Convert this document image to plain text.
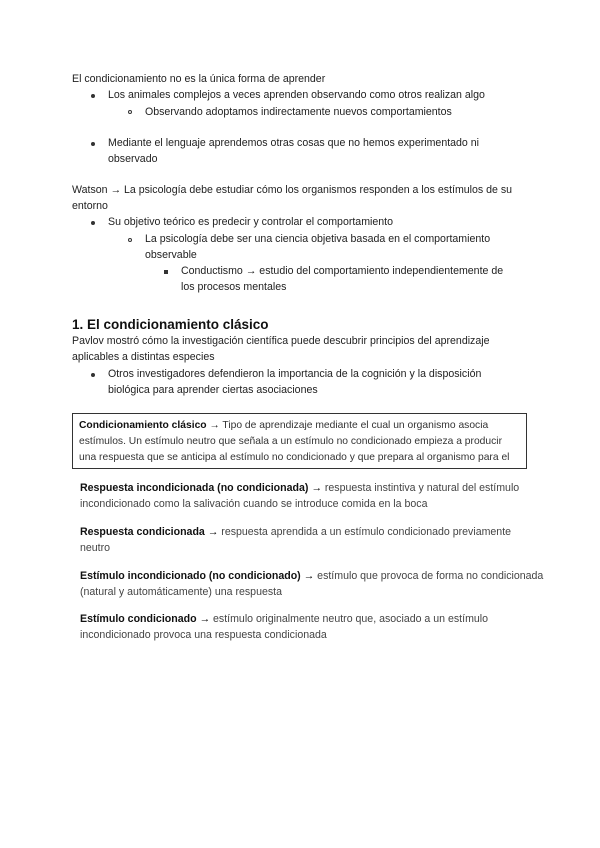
El condicionamiento no es la única forma de aprender
Los animales complejos a veces aprenden observando como otros realizan algo
Observando adoptamos indirectamente nuevos comportamientos
Mediante el lenguaje aprendemos otras cosas que no hemos experimentado ni
observado
Watson → La psicología debe estudiar cómo los organismos responden a los estímulos de su
entorno
Su objetivo teórico es predecir y controlar el comportamiento
La psicología debe ser una ciencia objetiva basada en el comportamiento
observable
Conductismo → estudio del comportamiento independientemente de
los procesos mentales
1. El condicionamiento clásico
Pavlov mostró cómo la investigación científica puede descubrir principios del aprendizaje
aplicables a distintas especies
Otros investigadores defendieron la importancia de la cognición y la disposición
biológica para aprender ciertas asociaciones
Condicionamiento clásico → Tipo de aprendizaje mediante el cual un organismo asocia
estímulos. Un estímulo neutro que señala a un estímulo no condicionado empieza a producir
una respuesta que se anticipa al estímulo no condicionado y que prepara al organismo para el
Respuesta incondicionada (no condicionada) → respuesta instintiva y natural del estímulo
incondicionado como la salivación cuando se introduce comida en la boca
Respuesta condicionada → respuesta aprendida a un estímulo condicionado previamente
neutro
Estímulo incondicionado (no condicionado) → estímulo que provoca de forma no condicionada
(natural y automáticamente) una respuesta
Estímulo condicionado → estímulo originalmente neutro que, asociado a un estímulo
incondicionado provoca una respuesta condicionada
